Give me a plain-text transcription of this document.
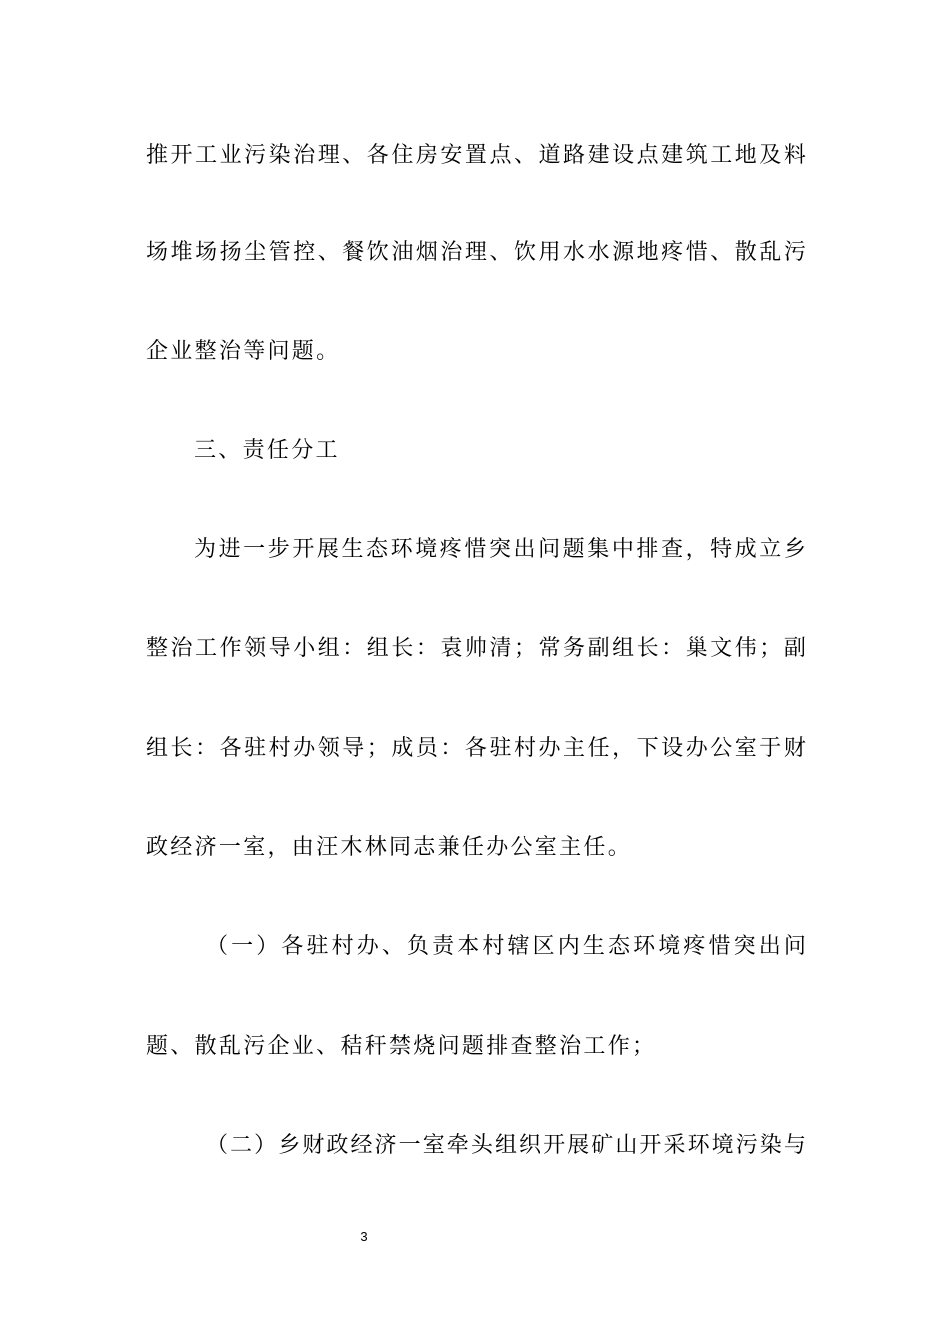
推 开 工 业 污 染 治 理 、 各 住 房 安 置 点 、 道 路 建 设 点 建 筑 工 地 及 料
场 堆 场 扬 尘 管 控 、 餐 饮 油 烟 治 理 、 饮 用 水 水 源 地 疼 惜 、 散 乱 污
企业整治等问题。
三、责任分工
为 进 一 步 开 展 生 态 环 境 疼 惜 突 出 问 题 集 中 排 查 ， 特 成 立 乡
整 治 工 作 领 导 小 组 ： 组 长 ： 袁 帅 清 ； 常 务 副 组 长 ： 巢 文 伟 ； 副
组 长 ： 各 驻 村 办 领 导 ； 成 员 ： 各 驻 村 办 主 任 ， 下 设 办 公 室 于 财
政经济一室，由汪木林同志兼任办公室主任。
（ 一 ） 各 驻 村 办 、 负 责 本 村 辖 区 内 生 态 环 境 疼 惜 突 出 问
题、散乱污企业、秸秆禁烧问题排查整治工作；
（ 二 ） 乡 财 政 经 济 一 室 牵 头 组 织 开 展 矿 山 开 采 环 境 污 染 与
3
